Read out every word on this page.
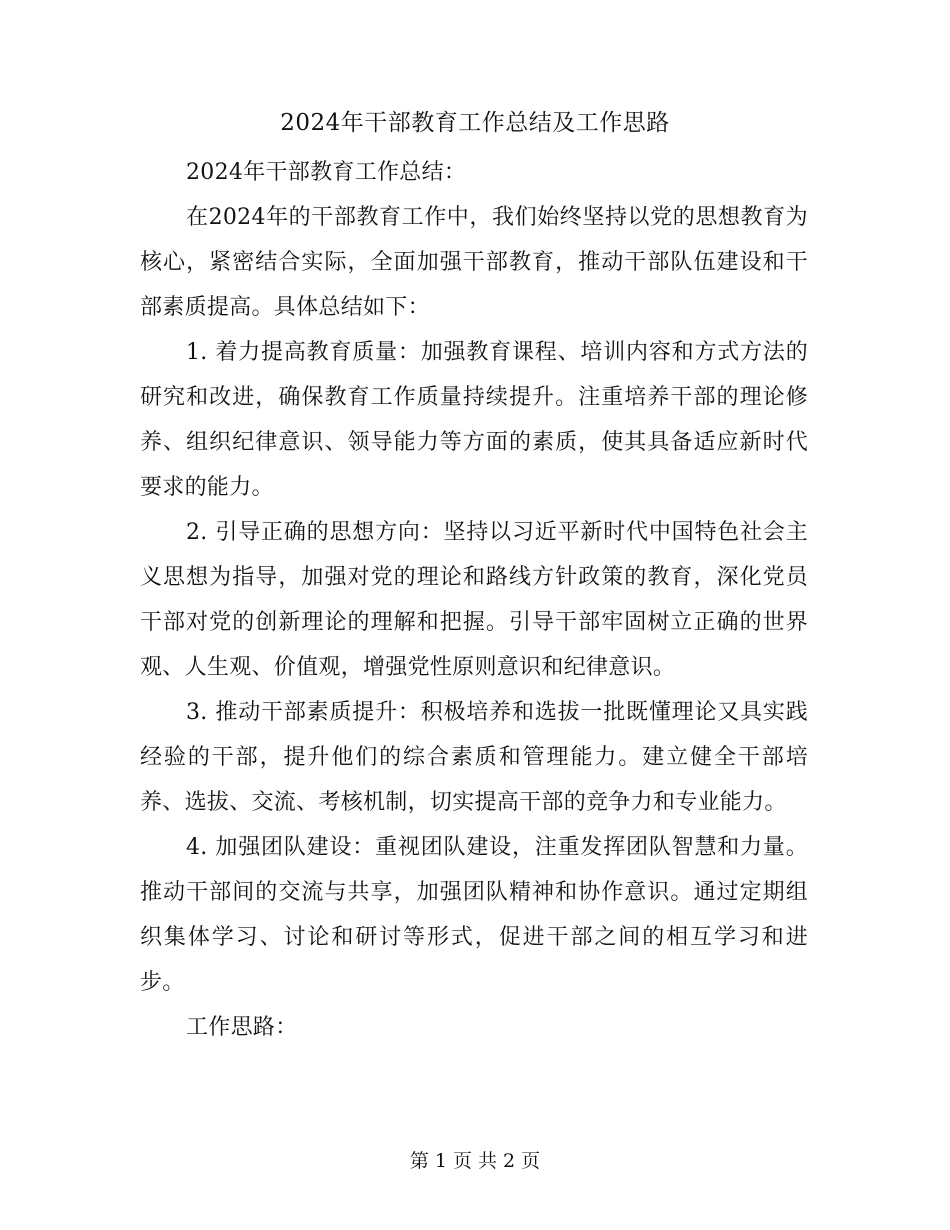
2024年干部教育工作总结及工作思路

2024年干部教育工作总结：

在2024年的干部教育工作中，我们始终坚持以党的思想教育为核心，紧密结合实际，全面加强干部教育，推动干部队伍建设和干部素质提高。具体总结如下：

1. 着力提高教育质量：加强教育课程、培训内容和方式方法的研究和改进，确保教育工作质量持续提升。注重培养干部的理论修养、组织纪律意识、领导能力等方面的素质，使其具备适应新时代要求的能力。

2. 引导正确的思想方向：坚持以习近平新时代中国特色社会主义思想为指导，加强对党的理论和路线方针政策的教育，深化党员干部对党的创新理论的理解和把握。引导干部牢固树立正确的世界观、人生观、价值观，增强党性原则意识和纪律意识。

3. 推动干部素质提升：积极培养和选拔一批既懂理论又具实践经验的干部，提升他们的综合素质和管理能力。建立健全干部培养、选拔、交流、考核机制，切实提高干部的竞争力和专业能力。

4. 加强团队建设：重视团队建设，注重发挥团队智慧和力量。推动干部间的交流与共享，加强团队精神和协作意识。通过定期组织集体学习、讨论和研讨等形式，促进干部之间的相互学习和进步。

工作思路：

第 1 页 共 2 页
